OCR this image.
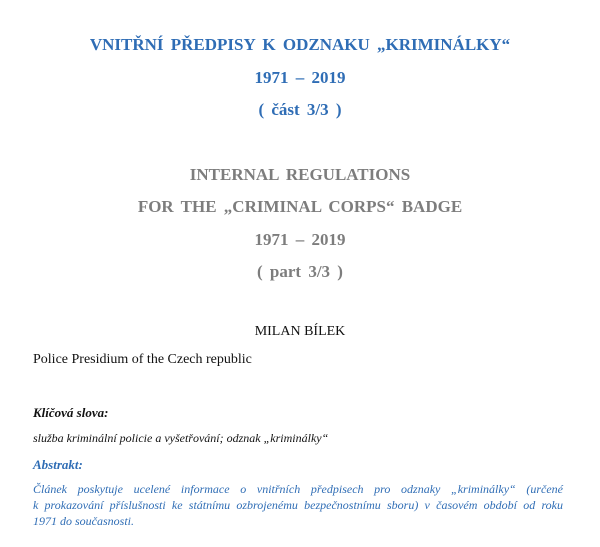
VNITŘNÍ PŘEDPISY K ODZNAKU „KRIMINÁLKY“
1971 – 2019
( část 3/3 )
INTERNAL REGULATIONS
FOR THE „CRIMINAL CORPS“ BADGE
1971 – 2019
( part 3/3 )
MILAN BÍLEK
Police Presidium of the Czech republic
Klíčová slova:
služba kriminální policie a vyšetřování; odznak „kriminálky“
Abstrakt:
Článek poskytuje ucelené informace o vnitřních předpisech pro odznaky „kriminálky“ (určené
k prokazování příslušnosti ke státnímu ozbrojenému bezpečnostnímu sboru) v časovém období od roku
1971 do současnosti.
